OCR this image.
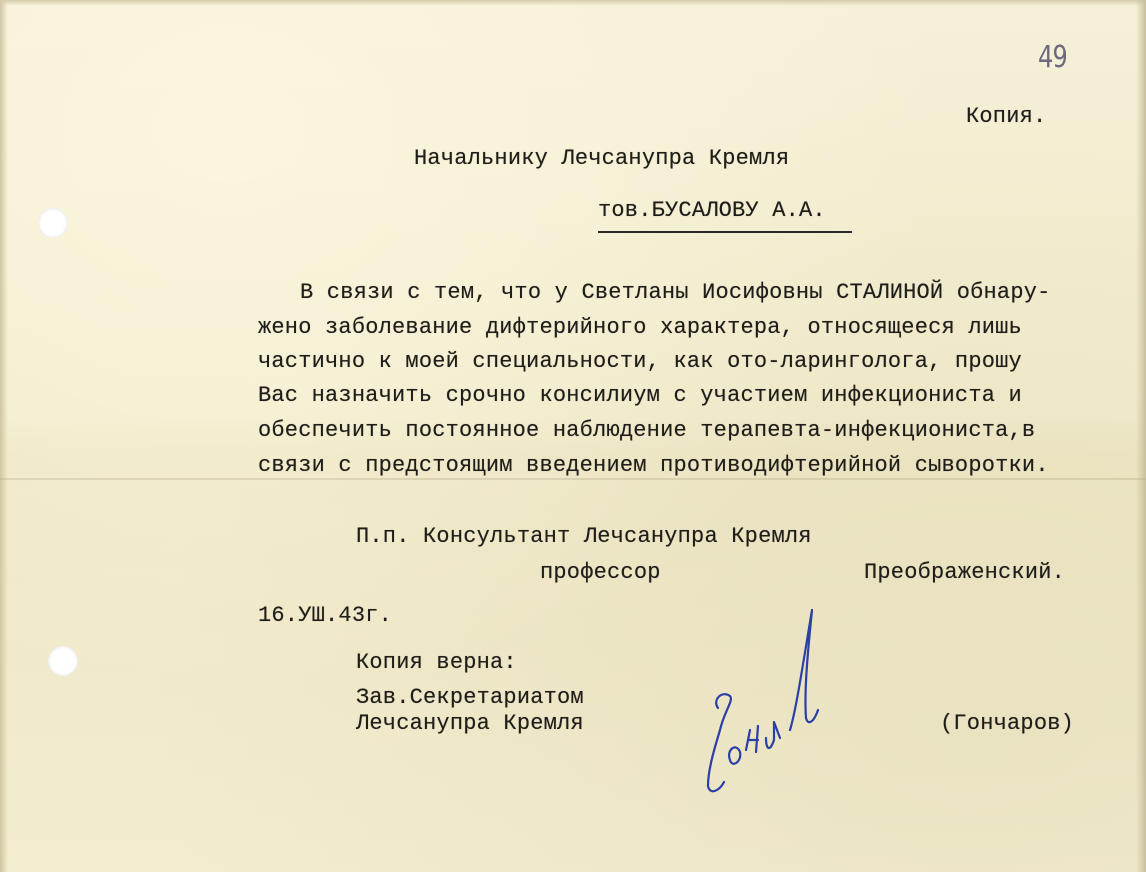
49
Копия.
Начальнику Лечсанупра Кремля
тов.БУСАЛОВУ А.А.
В связи с тем, что у Светланы Иосифовны СТАЛИНОЙ обнару-
жено заболевание дифтерийного характера, относящееся лишь
частично к моей специальности, как ото-ларинголога, прошу
Вас назначить срочно консилиум с участием инфекциониста и
обеспечить постоянное наблюдение терапевта-инфекциониста,в
связи с предстоящим введением противодифтерийной сыворотки.
П.п. Консультант Лечсанупра Кремля
профессор	Преображенский.
16.УШ.43г.
Копия верна:
Зав.Секретариатом
Лечсанупра Кремля	(Гончаров)
